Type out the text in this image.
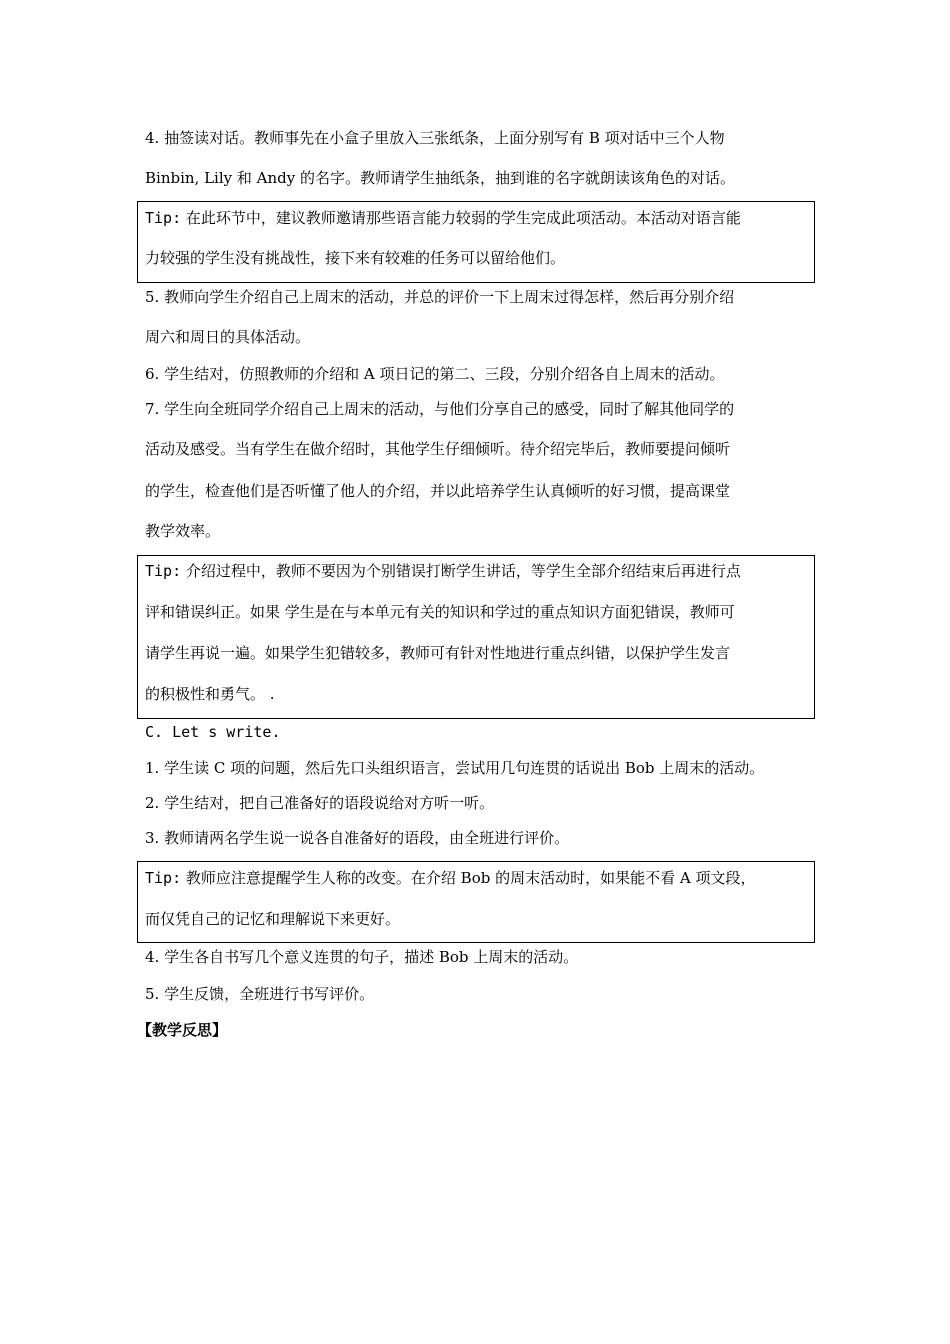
4. 抽签读对话。教师事先在小盒子里放入三张纸条，上面分别写有 B 项对话中三个人物
Binbin, Lily 和 Andy 的名字。教师请学生抽纸条，抽到谁的名字就朗读该角色的对话。
Tip: 在此环节中，建议教师邀请那些语言能力较弱的学生完成此项活动。本活动对语言能
力较强的学生没有挑战性，接下来有较难的任务可以留给他们。
5. 教师向学生介绍自己上周末的活动，并总的评价一下上周末过得怎样，然后再分别介绍
周六和周日的具体活动。
6. 学生结对，仿照教师的介绍和 A 项日记的第二、三段，分别介绍各自上周末的活动。
7. 学生向全班同学介绍自己上周末的活动，与他们分享自己的感受，同时了解其他同学的
活动及感受。当有学生在做介绍时，其他学生仔细倾听。待介绍完毕后，教师要提问倾听
的学生，检查他们是否听懂了他人的介绍，并以此培养学生认真倾听的好习惯，提高课堂
教学效率。
Tip: 介绍过程中，教师不要因为个别错误打断学生讲话，等学生全部介绍结束后再进行点
评和错误纠正。如果 学生是在与本单元有关的知识和学过的重点知识方面犯错误，教师可
请学生再说一遍。如果学生犯错较多，教师可有针对性地进行重点纠错，以保护学生发言
的积极性和勇气。 .
C. Let s write.
1. 学生读 C 项的问题，然后先口头组织语言，尝试用几句连贯的话说出 Bob 上周末的活动。
2. 学生结对，把自己准备好的语段说给对方听一听。
3. 教师请两名学生说一说各自准备好的语段，由全班进行评价。
Tip: 教师应注意提醒学生人称的改变。在介绍 Bob 的周末活动时，如果能不看 A 项文段，
而仅凭自己的记忆和理解说下来更好。
4. 学生各自书写几个意义连贯的句子，描述 Bob 上周末的活动。
5. 学生反馈，全班进行书写评价。
【教学反思】
